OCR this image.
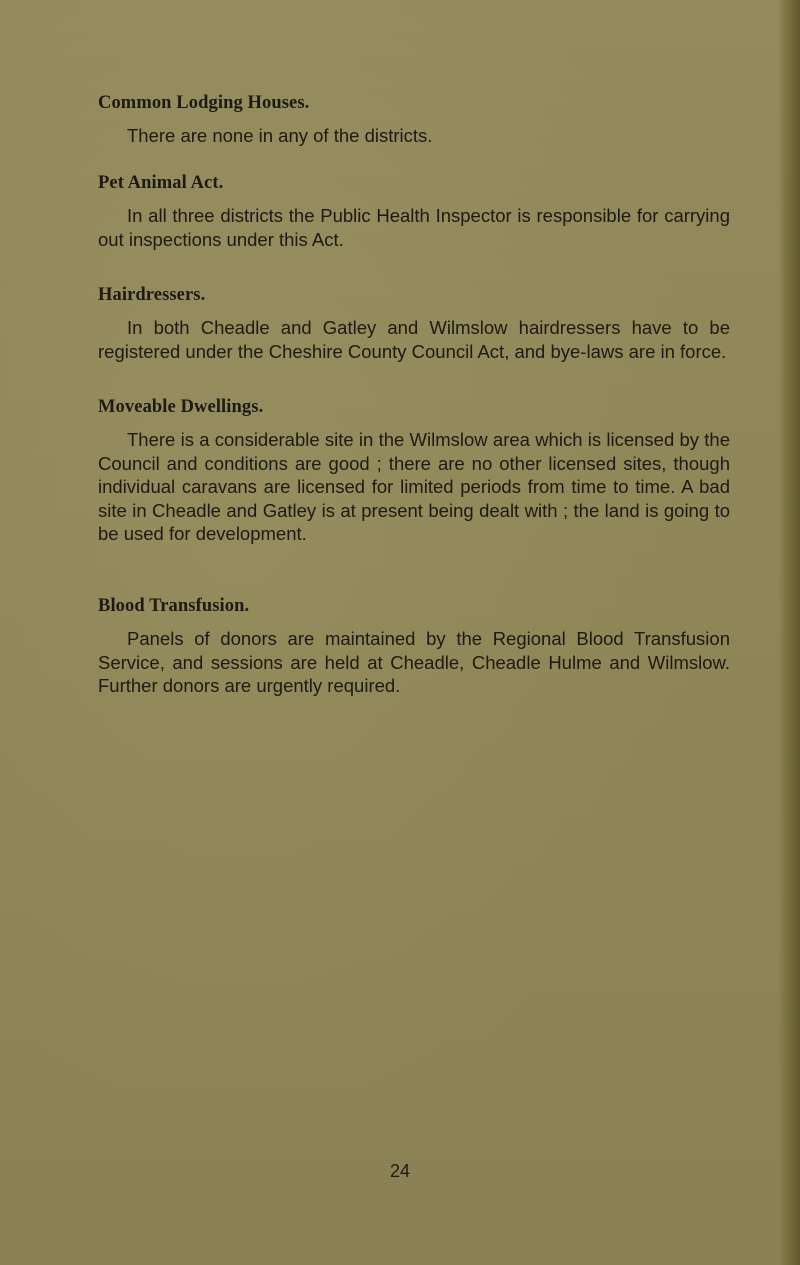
Common Lodging Houses.

There are none in any of the districts.

Pet Animal Act.

In all three districts the Public Health Inspector is responsible for carrying out inspections under this Act.

Hairdressers.

In both Cheadle and Gatley and Wilmslow hairdressers have to be registered under the Cheshire County Council Act, and bye-laws are in force.

Moveable Dwellings.

There is a considerable site in the Wilmslow area which is licensed by the Council and conditions are good ; there are no other licensed sites, though individual caravans are licensed for limited periods from time to time. A bad site in Cheadle and Gatley is at present being dealt with ; the land is going to be used for development.

Blood Transfusion.

Panels of donors are maintained by the Regional Blood Transfusion Service, and sessions are held at Cheadle, Cheadle Hulme and Wilmslow. Further donors are urgently required.

24
